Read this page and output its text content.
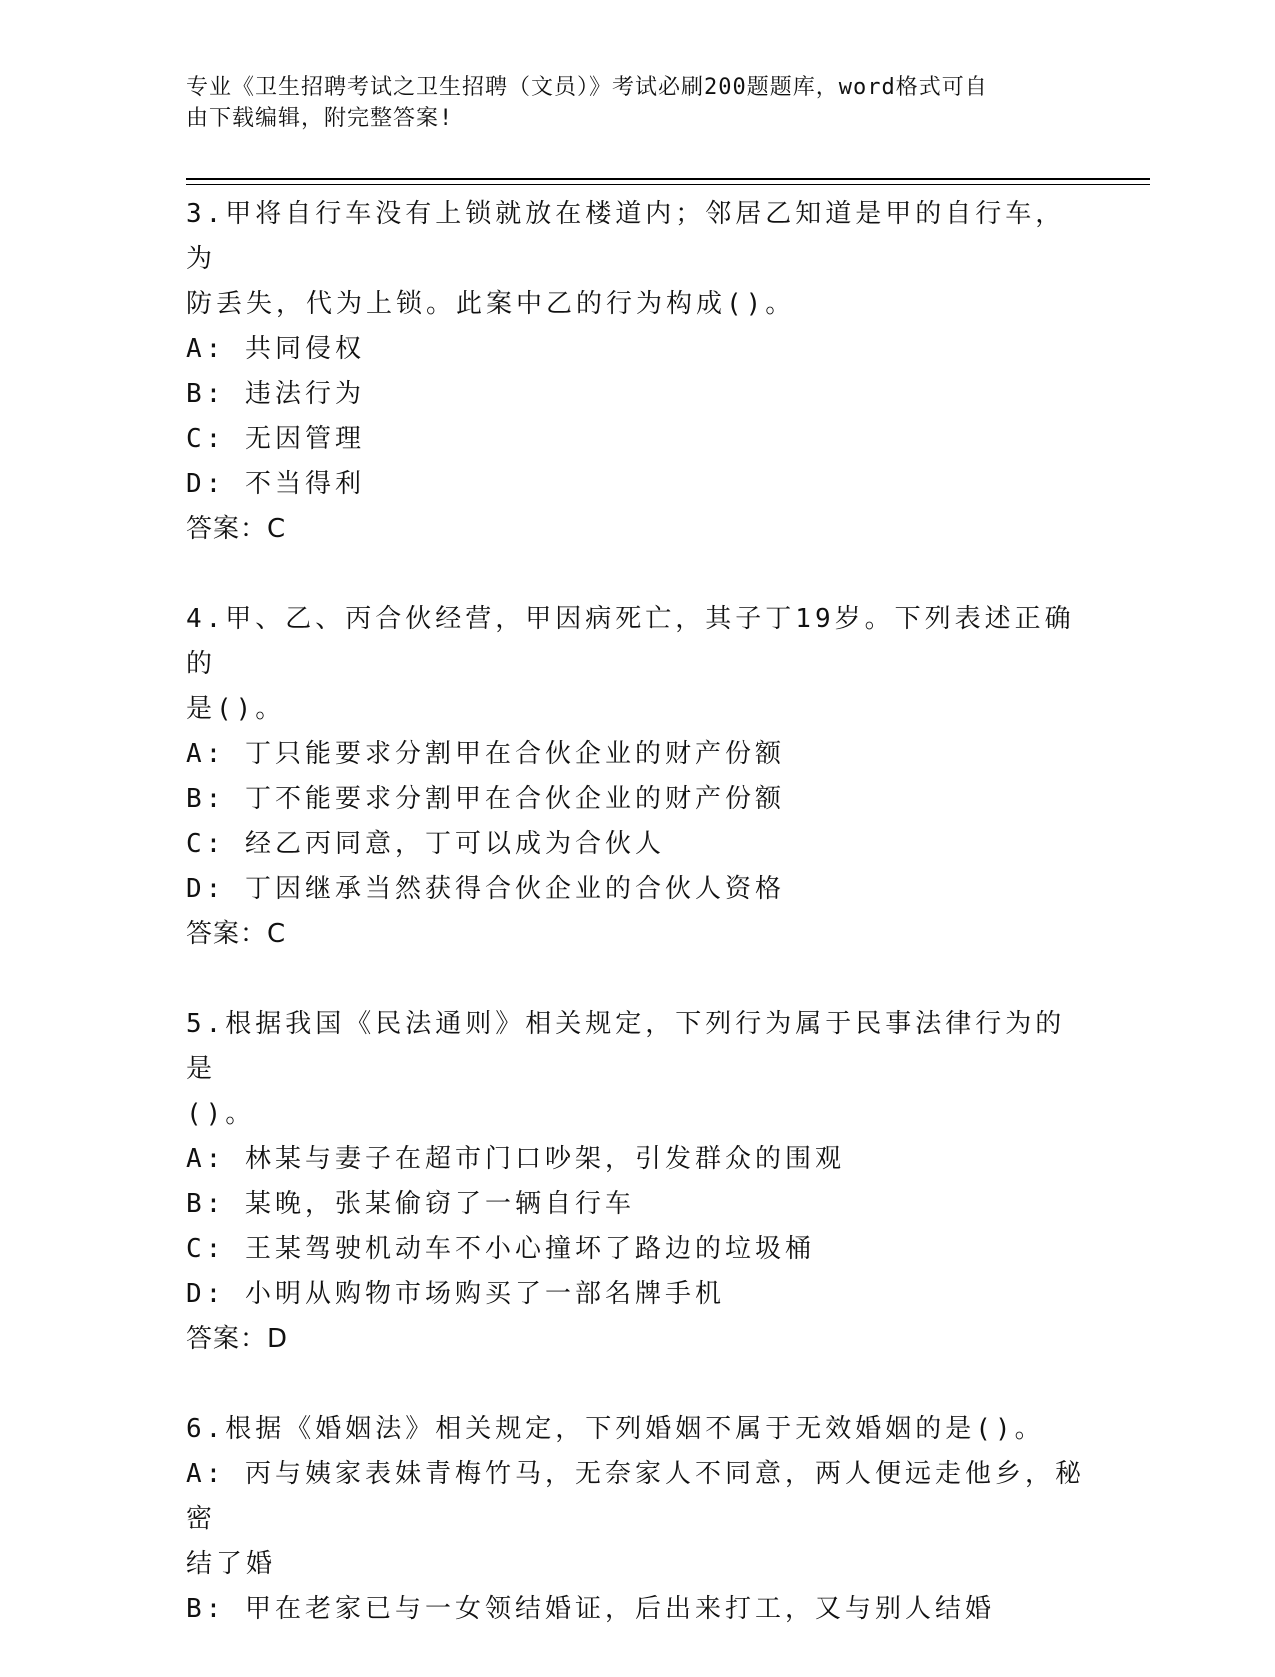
专业《卫生招聘考试之卫生招聘（文员）》考试必刷200题题库，word格式可自
由下载编辑，附完整答案!
3.甲将自行车没有上锁就放在楼道内；邻居乙知道是甲的自行车，为
防丢失，代为上锁。此案中乙的行为构成()。
A: 共同侵权
B: 违法行为
C: 无因管理
D: 不当得利
答案：C
4.甲、乙、丙合伙经营，甲因病死亡，其子丁19岁。下列表述正确的
是()。
A: 丁只能要求分割甲在合伙企业的财产份额
B: 丁不能要求分割甲在合伙企业的财产份额
C: 经乙丙同意，丁可以成为合伙人
D: 丁因继承当然获得合伙企业的合伙人资格
答案：C
5.根据我国《民法通则》相关规定，下列行为属于民事法律行为的是
()。
A: 林某与妻子在超市门口吵架，引发群众的围观
B: 某晚，张某偷窃了一辆自行车
C: 王某驾驶机动车不小心撞坏了路边的垃圾桶
D: 小明从购物市场购买了一部名牌手机
答案：D
6.根据《婚姻法》相关规定，下列婚姻不属于无效婚姻的是()。
A: 丙与姨家表妹青梅竹马，无奈家人不同意，两人便远走他乡，秘密
结了婚
B: 甲在老家已与一女领结婚证，后出来打工，又与别人结婚
